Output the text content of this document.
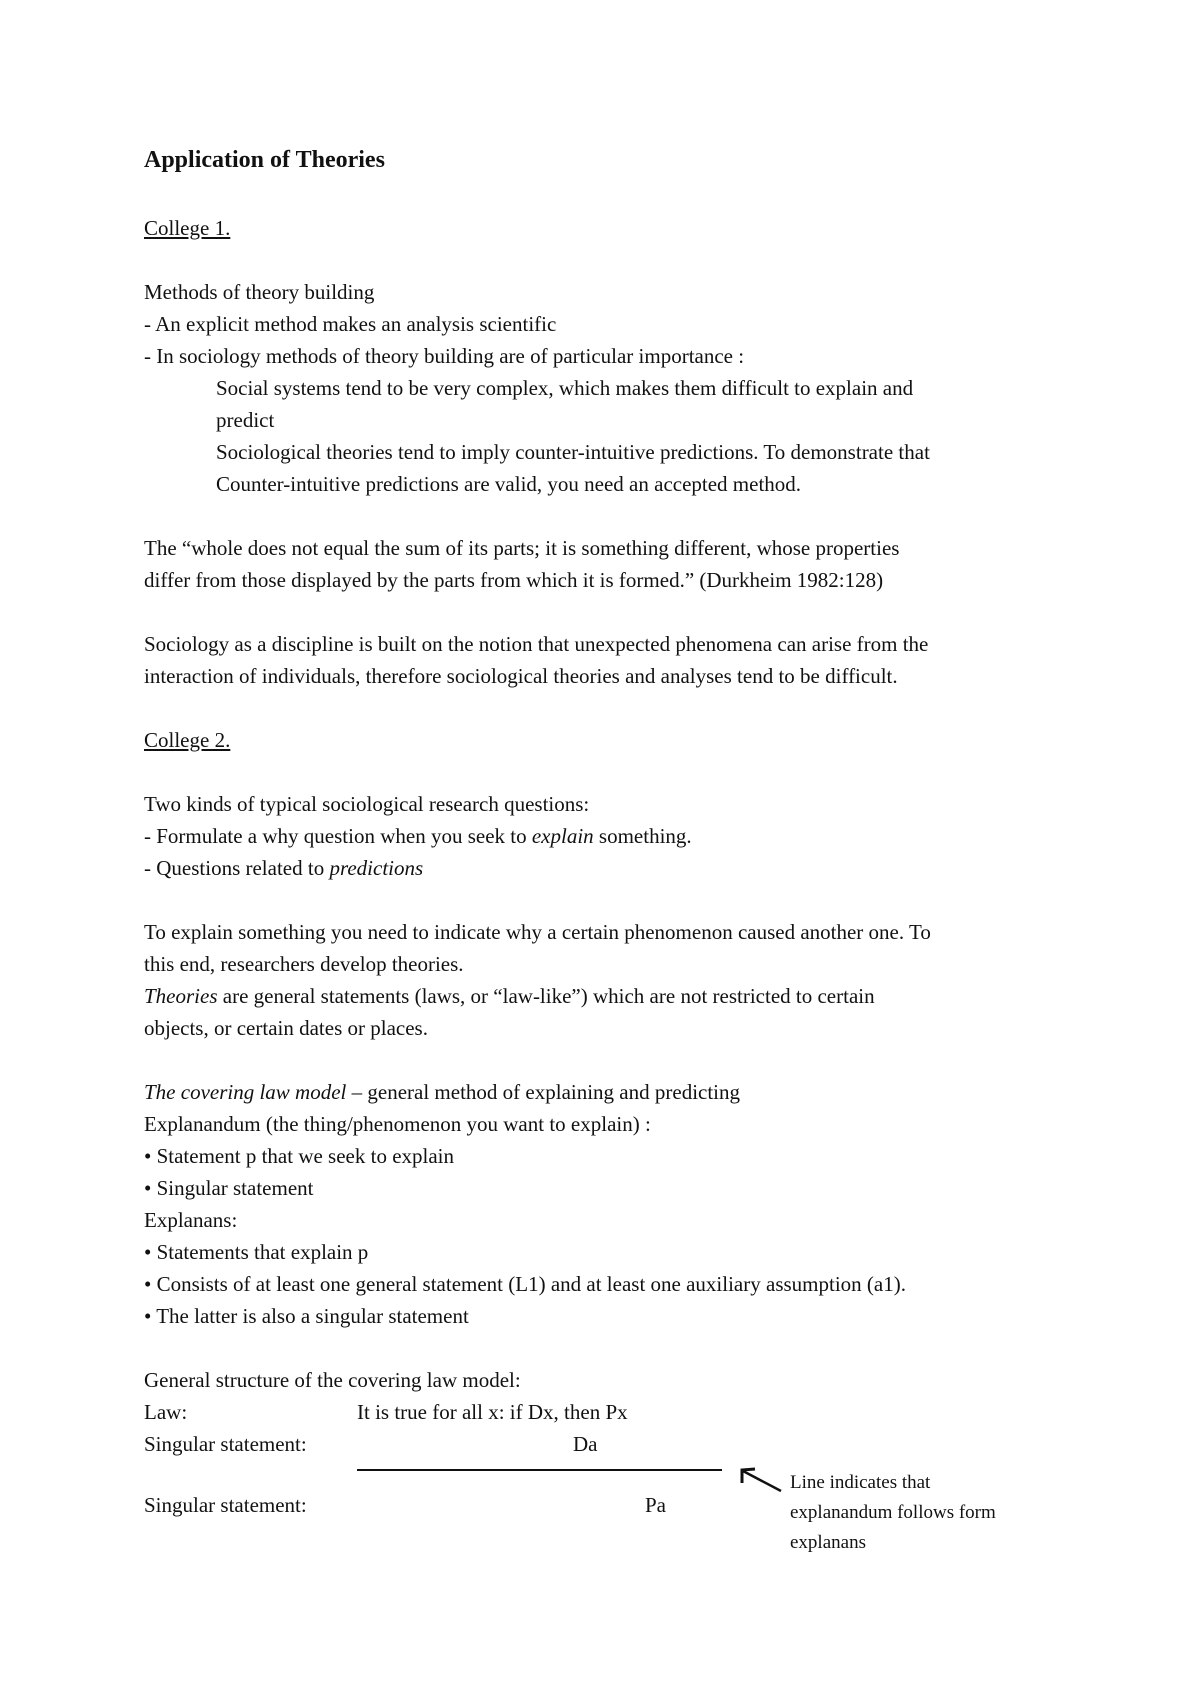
Application of Theories
College 1.
Methods of theory building
- An explicit method makes an analysis scientific
- In sociology methods of theory building are of particular importance :
Social systems tend to be very complex, which makes them difficult to explain and
predict
Sociological theories tend to imply counter-intuitive predictions. To demonstrate that
Counter-intuitive predictions are valid, you need an accepted method.
The “whole does not equal the sum of its parts; it is something different, whose properties
differ from those displayed by the parts from which it is formed.” (Durkheim 1982:128)
Sociology as a discipline is built on the notion that unexpected phenomena can arise from the
interaction of individuals, therefore sociological theories and analyses tend to be difficult.
College 2.
Two kinds of typical sociological research questions:
- Formulate a why question when you seek to explain something.
- Questions related to predictions
To explain something you need to indicate why a certain phenomenon caused another one. To
this end, researchers develop theories.
Theories are general statements (laws, or “law-like”) which are not restricted to certain
objects, or certain dates or places.
The covering law model – general method of explaining and predicting
Explanandum (the thing/phenomenon you want to explain) :
• Statement p that we seek to explain
• Singular statement
Explanans:
• Statements that explain p
• Consists of at least one general statement (L1) and at least one auxiliary assumption (a1).
• The latter is also a singular statement
General structure of the covering law model:
Law:	It is true for all x: if Dx, then Px
Singular statement:	Da
Line indicates that
explanandum follows form
explanans
Singular statement:	Pa
